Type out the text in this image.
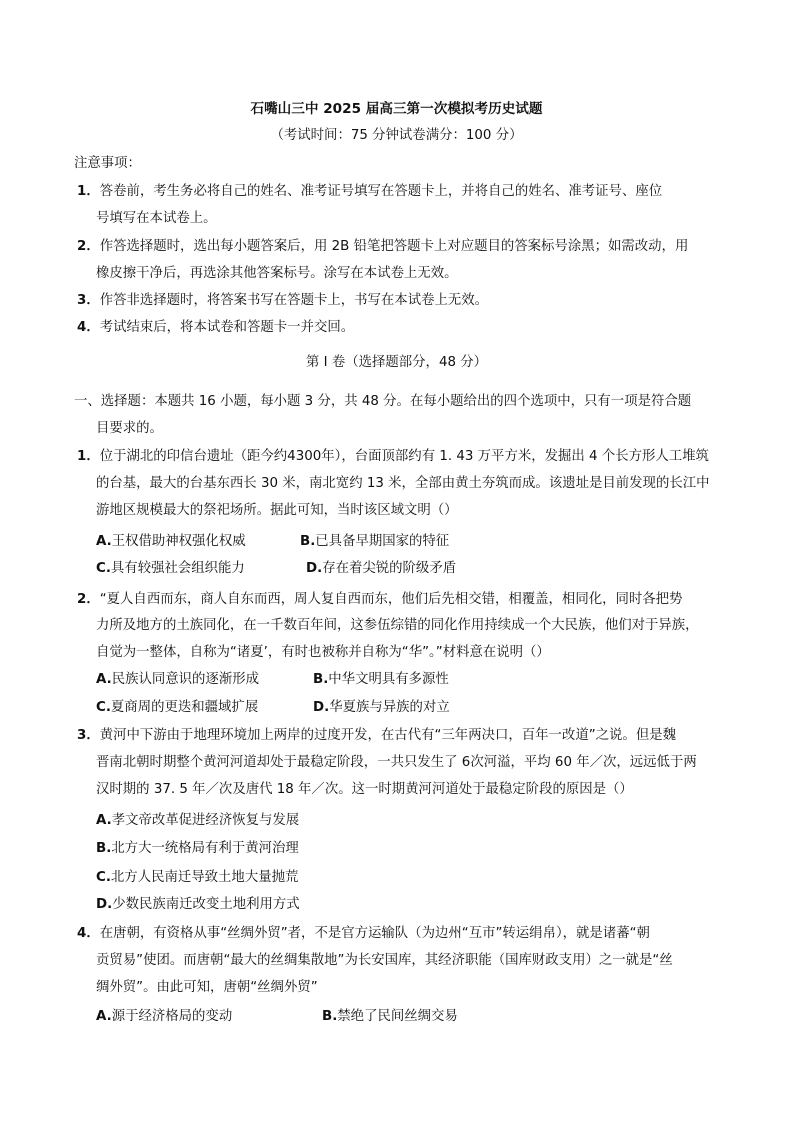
石嘴山三中 2025 届高三第一次模拟考历史试题
（考试时间：75 分钟试卷满分：100 分）
注意事项：
1．答卷前，考生务必将自己的姓名、准考证号填写在答题卡上，并将自己的姓名、准考证号、座位
号填写在本试卷上。
2．作答选择题时，选出每小题答案后，用 2B 铅笔把答题卡上对应题目的答案标号涂黑；如需改动，用
橡皮擦干净后，再选涂其他答案标号。涂写在本试卷上无效。
3．作答非选择题时，将答案书写在答题卡上，书写在本试卷上无效。
4．考试结束后，将本试卷和答题卡一并交回。
第 I 卷（选择题部分，48 分）
一、选择题：本题共 16 小题，每小题 3 分，共 48 分。在每小题给出的四个选项中，只有一项是符合题
目要求的。
1．位于湖北的印信台遗址（距今约4300年），台面顶部约有 1. 43 万平方米，发掘出 4 个长方形人工堆筑
的台基，最大的台基东西长 30 米，南北宽约 13 米，全部由黄土夯筑而成。该遗址是目前发现的长江中
游地区规模最大的祭祀场所。据此可知，当时该区域文明（）
A.王权借助神权强化权威	B.已具备早期国家的特征
C.具有较强社会组织能力	D.存在着尖锐的阶级矛盾
2．“夏人自西而东，商人自东而西，周人复自西而东，他们后先相交错，相覆盖，相同化，同时各把势
力所及地方的土族同化，在一千数百年间，这参伍综错的同化作用持续成一个大民族，他们对于异族，
自觉为一整体，自称为“诸夏’，有时也被称并自称为“华”。”材料意在说明（）
A.民族认同意识的逐渐形成	B.中华文明具有多源性
C.夏商周的更迭和疆域扩展	D.华夏族与异族的对立
3．黄河中下游由于地理环境加上两岸的过度开发，在古代有“三年两决口，百年一改道”之说。但是魏
晋南北朝时期整个黄河河道却处于最稳定阶段，一共只发生了 6次河溢，平均 60 年／次，远远低于两
汉时期的 37. 5 年／次及唐代 18 年／次。这一时期黄河河道处于最稳定阶段的原因是（）
A.孝文帝改革促进经济恢复与发展
B.北方大一统格局有利于黄河治理
C.北方人民南迁导致土地大量抛荒
D.少数民族南迁改变土地利用方式
4．在唐朝，有资格从事“丝绸外贸”者，不是官方运输队（为边州“互市”转运绢帛），就是诸蕃“朝
贡贸易”使团。而唐朝“最大的丝绸集散地”为长安国库，其经济职能（国库财政支用）之一就是“丝
绸外贸”。由此可知，唐朝“丝绸外贸”
A.源于经济格局的变动	B.禁绝了民间丝绸交易
